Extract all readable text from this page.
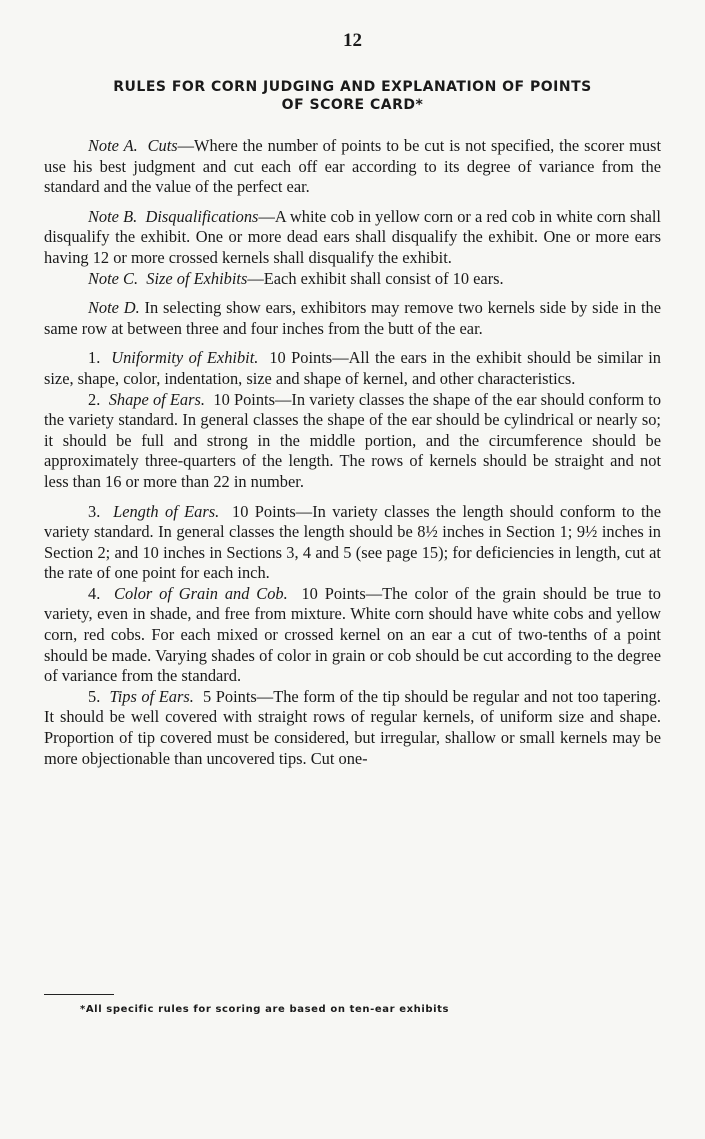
12
RULES FOR CORN JUDGING AND EXPLANATION OF POINTS
OF SCORE CARD*

Note A. Cuts—Where the number of points to be cut is not specified, the scorer must use his best judgment and cut each off ear according to its degree of variance from the standard and the value of the perfect ear.

Note B. Disqualifications—A white cob in yellow corn or a red cob in white corn shall disqualify the exhibit. One or more dead ears shall disqualify the exhibit. One or more ears having 12 or more crossed kernels shall disqualify the exhibit.

Note C. Size of Exhibits—Each exhibit shall consist of 10 ears.

Note D. In selecting show ears, exhibitors may remove two kernels side by side in the same row at between three and four inches from the butt of the ear.

1. Uniformity of Exhibit. 10 Points—All the ears in the exhibit should be similar in size, shape, color, indentation, size and shape of kernel, and other characteristics.

2. Shape of Ears. 10 Points—In variety classes the shape of the ear should conform to the variety standard. In general classes the shape of the ear should be cylindrical or nearly so; it should be full and strong in the middle portion, and the circumference should be approximately three-quarters of the length. The rows of kernels should be straight and not less than 16 or more than 22 in number.

3. Length of Ears. 10 Points—In variety classes the length should conform to the variety standard. In general classes the length should be 8½ inches in Section 1; 9½ inches in Section 2; and 10 inches in Sections 3, 4 and 5 (see page 15); for deficiencies in length, cut at the rate of one point for each inch.

4. Color of Grain and Cob. 10 Points—The color of the grain should be true to variety, even in shade, and free from mixture. White corn should have white cobs and yellow corn, red cobs. For each mixed or crossed kernel on an ear a cut of two-tenths of a point should be made. Varying shades of color in grain or cob should be cut according to the degree of variance from the standard.

5. Tips of Ears. 5 Points—The form of the tip should be regular and not too tapering. It should be well covered with straight rows of regular kernels, of uniform size and shape. Proportion of tip covered must be considered, but irregular, shallow or small kernels may be more objectionable than uncovered tips. Cut one-

*All specific rules for scoring are based on ten-ear exhibits
